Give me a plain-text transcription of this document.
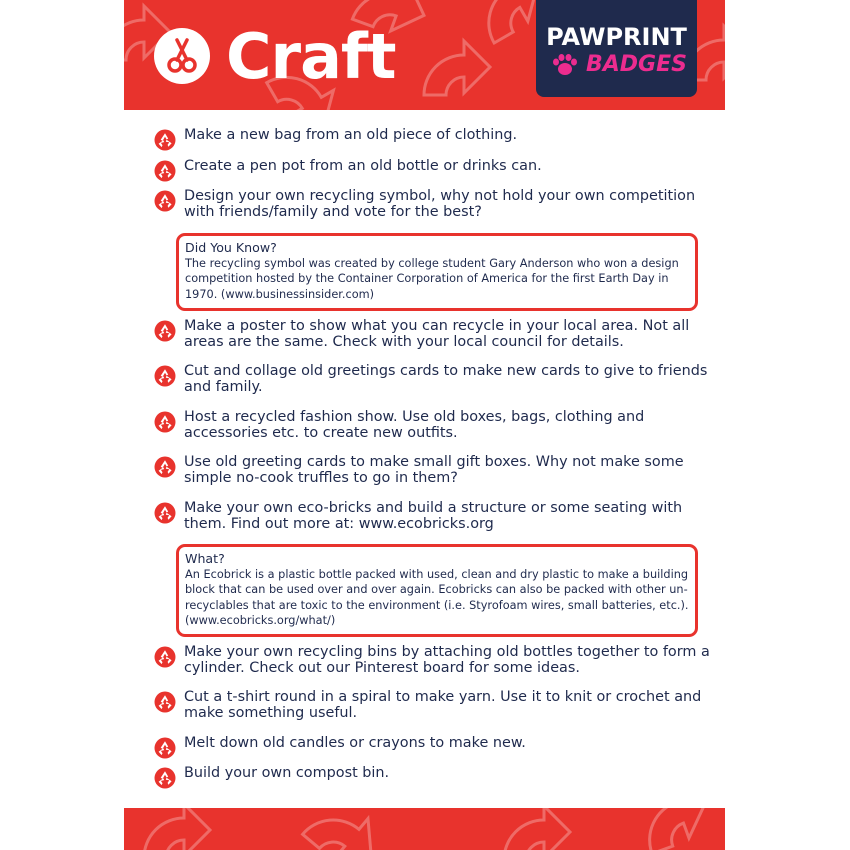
Craft	PAWPRINT
BADGES
Make a new bag from an old piece of clothing.
Create a pen pot from an old bottle or drinks can.
Design your own recycling symbol, why not hold your own competition with friends/family and vote for the best?
Did You Know?
The recycling symbol was created by college student Gary Anderson who won a design competition hosted by the Container Corporation of America for the first Earth Day in 1970. (www.businessinsider.com)
Make a poster to show what you can recycle in your local area. Not all areas are the same. Check with your local council for details.
Cut and collage old greetings cards to make new cards to give to friends and family.
Host a recycled fashion show. Use old boxes, bags, clothing and accessories etc. to create new outfits.
Use old greeting cards to make small gift boxes. Why not make some simple no-cook truffles to go in them?
Make your own eco-bricks and build a structure or some seating with them. Find out more at: www.ecobricks.org
What?
An Ecobrick is a plastic bottle packed with used, clean and dry plastic to make a building block that can be used over and over again. Ecobricks can also be packed with other un-recyclables that are toxic to the environment (i.e. Styrofoam wires, small batteries, etc.). (www.ecobricks.org/what/)
Make your own recycling bins by attaching old bottles together to form a cylinder. Check out our Pinterest board for some ideas.
Cut a t-shirt round in a spiral to make yarn. Use it to knit or crochet and make something useful.
Melt down old candles or crayons to make new.
Build your own compost bin.
